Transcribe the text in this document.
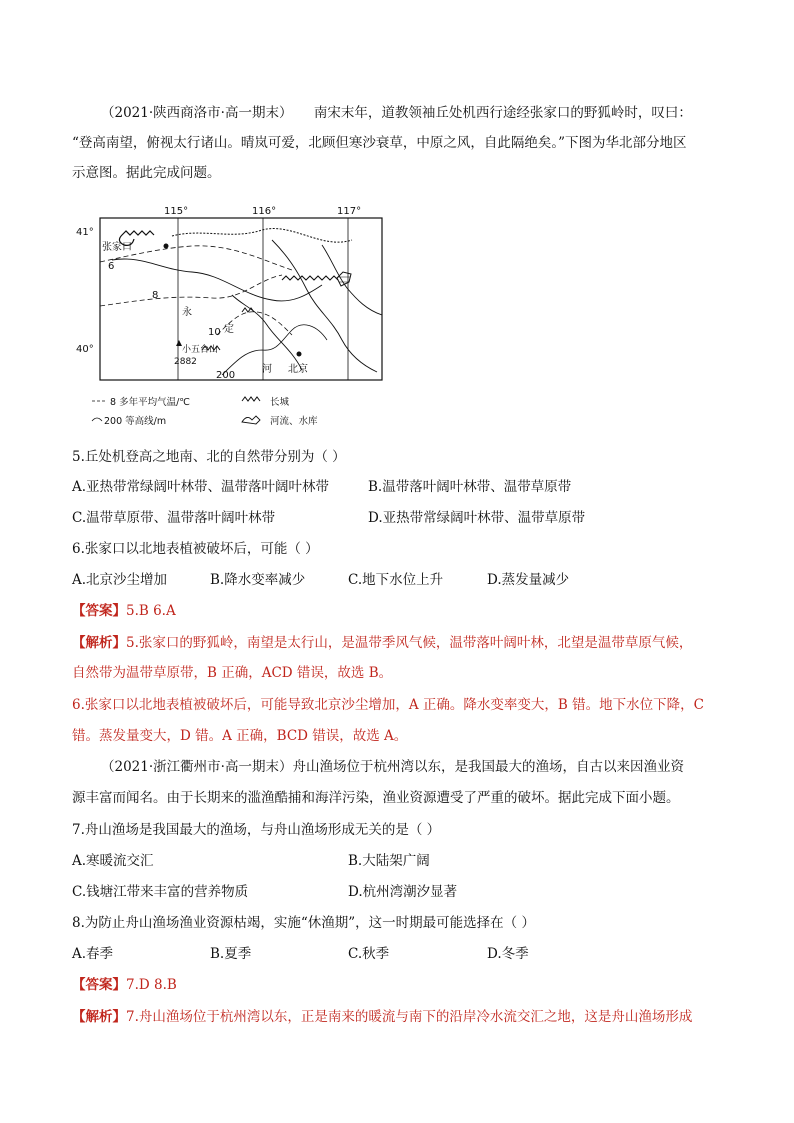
（2021·陕西商洛市·高一期末） 南宋末年，道教领袖丘处机西行途经张家口的野狐岭时，叹曰：
“登高南望，俯视太行诸山。晴岚可爱，北顾但寒沙衰草，中原之风，自此隔绝矣。”下图为华北部分地区
示意图。据此完成问题。
115°	116°	117°
41°
40°
张家口
永
定
河 北京
小五台山
2882
6
8
10
200
8 多年平均气温/℃	长城
200 等高线/m	河流、水库
5.丘处机登高之地南、北的自然带分别为（ ）
A.亚热带常绿阔叶林带、温带落叶阔叶林带	B.温带落叶阔叶林带、温带草原带
C.温带草原带、温带落叶阔叶林带	D.亚热带常绿阔叶林带、温带草原带
6.张家口以北地表植被破坏后，可能（ ）
A.北京沙尘增加	B.降水变率减少	C.地下水位上升	D.蒸发量减少
【答案】5.B 6.A
【解析】5.张家口的野狐岭，南望是太行山，是温带季风气候，温带落叶阔叶林，北望是温带草原气候，
自然带为温带草原带，B 正确，ACD 错误，故选 B。
6.张家口以北地表植被破坏后，可能导致北京沙尘增加，A 正确。降水变率变大，B 错。地下水位下降，C
错。蒸发量变大，D 错。A 正确，BCD 错误，故选 A。
（2021·浙江衢州市·高一期末）舟山渔场位于杭州湾以东，是我国最大的渔场，自古以来因渔业资
源丰富而闻名。由于长期来的滥渔酷捕和海洋污染，渔业资源遭受了严重的破坏。据此完成下面小题。
7.舟山渔场是我国最大的渔场，与舟山渔场形成无关的是（ ）
A.寒暖流交汇	B.大陆架广阔
C.钱塘江带来丰富的营养物质	D.杭州湾潮汐显著
8.为防止舟山渔场渔业资源枯竭，实施“休渔期”，这一时期最可能选择在（ ）
A.春季	B.夏季	C.秋季	D.冬季
【答案】7.D 8.B
【解析】7.舟山渔场位于杭州湾以东，正是南来的暖流与南下的沿岸冷水流交汇之地，这是舟山渔场形成
